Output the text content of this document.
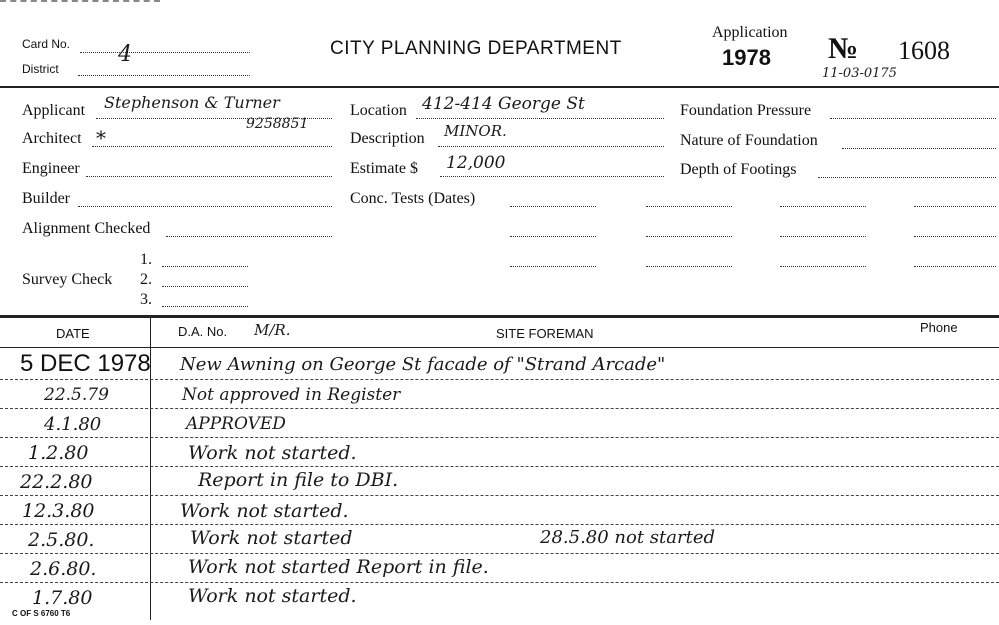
Card No. 4
District
CITY PLANNING DEPARTMENT
Application
1978 № 1608
11-03-0175
Applicant Stephenson & Turner
Architect *
9258851
Engineer
Builder
Alignment Checked
Survey Check
1.
2.
3.
Location 412-414 George St
Description MINOR.
Estimate $ 12,000
Conc. Tests (Dates)
Foundation Pressure
Nature of Foundation
Depth of Footings
DATE	D.A. No. M/R.	SITE FOREMAN	Phone
5 DEC 1978 New Awning on George St facade of "Strand Arcade"
22.5.79	Not approved in Register
4.1.80	APPROVED
1.2.80	Work not started.
22.2.80	Report in file to DBI.
12.3.80	Work not started.
2.5.80.	Work not started	28.5.80 not started
2.6.80.	Work not started Report in file.
1.7.80	Work not started.
C OF S 6760 T6
